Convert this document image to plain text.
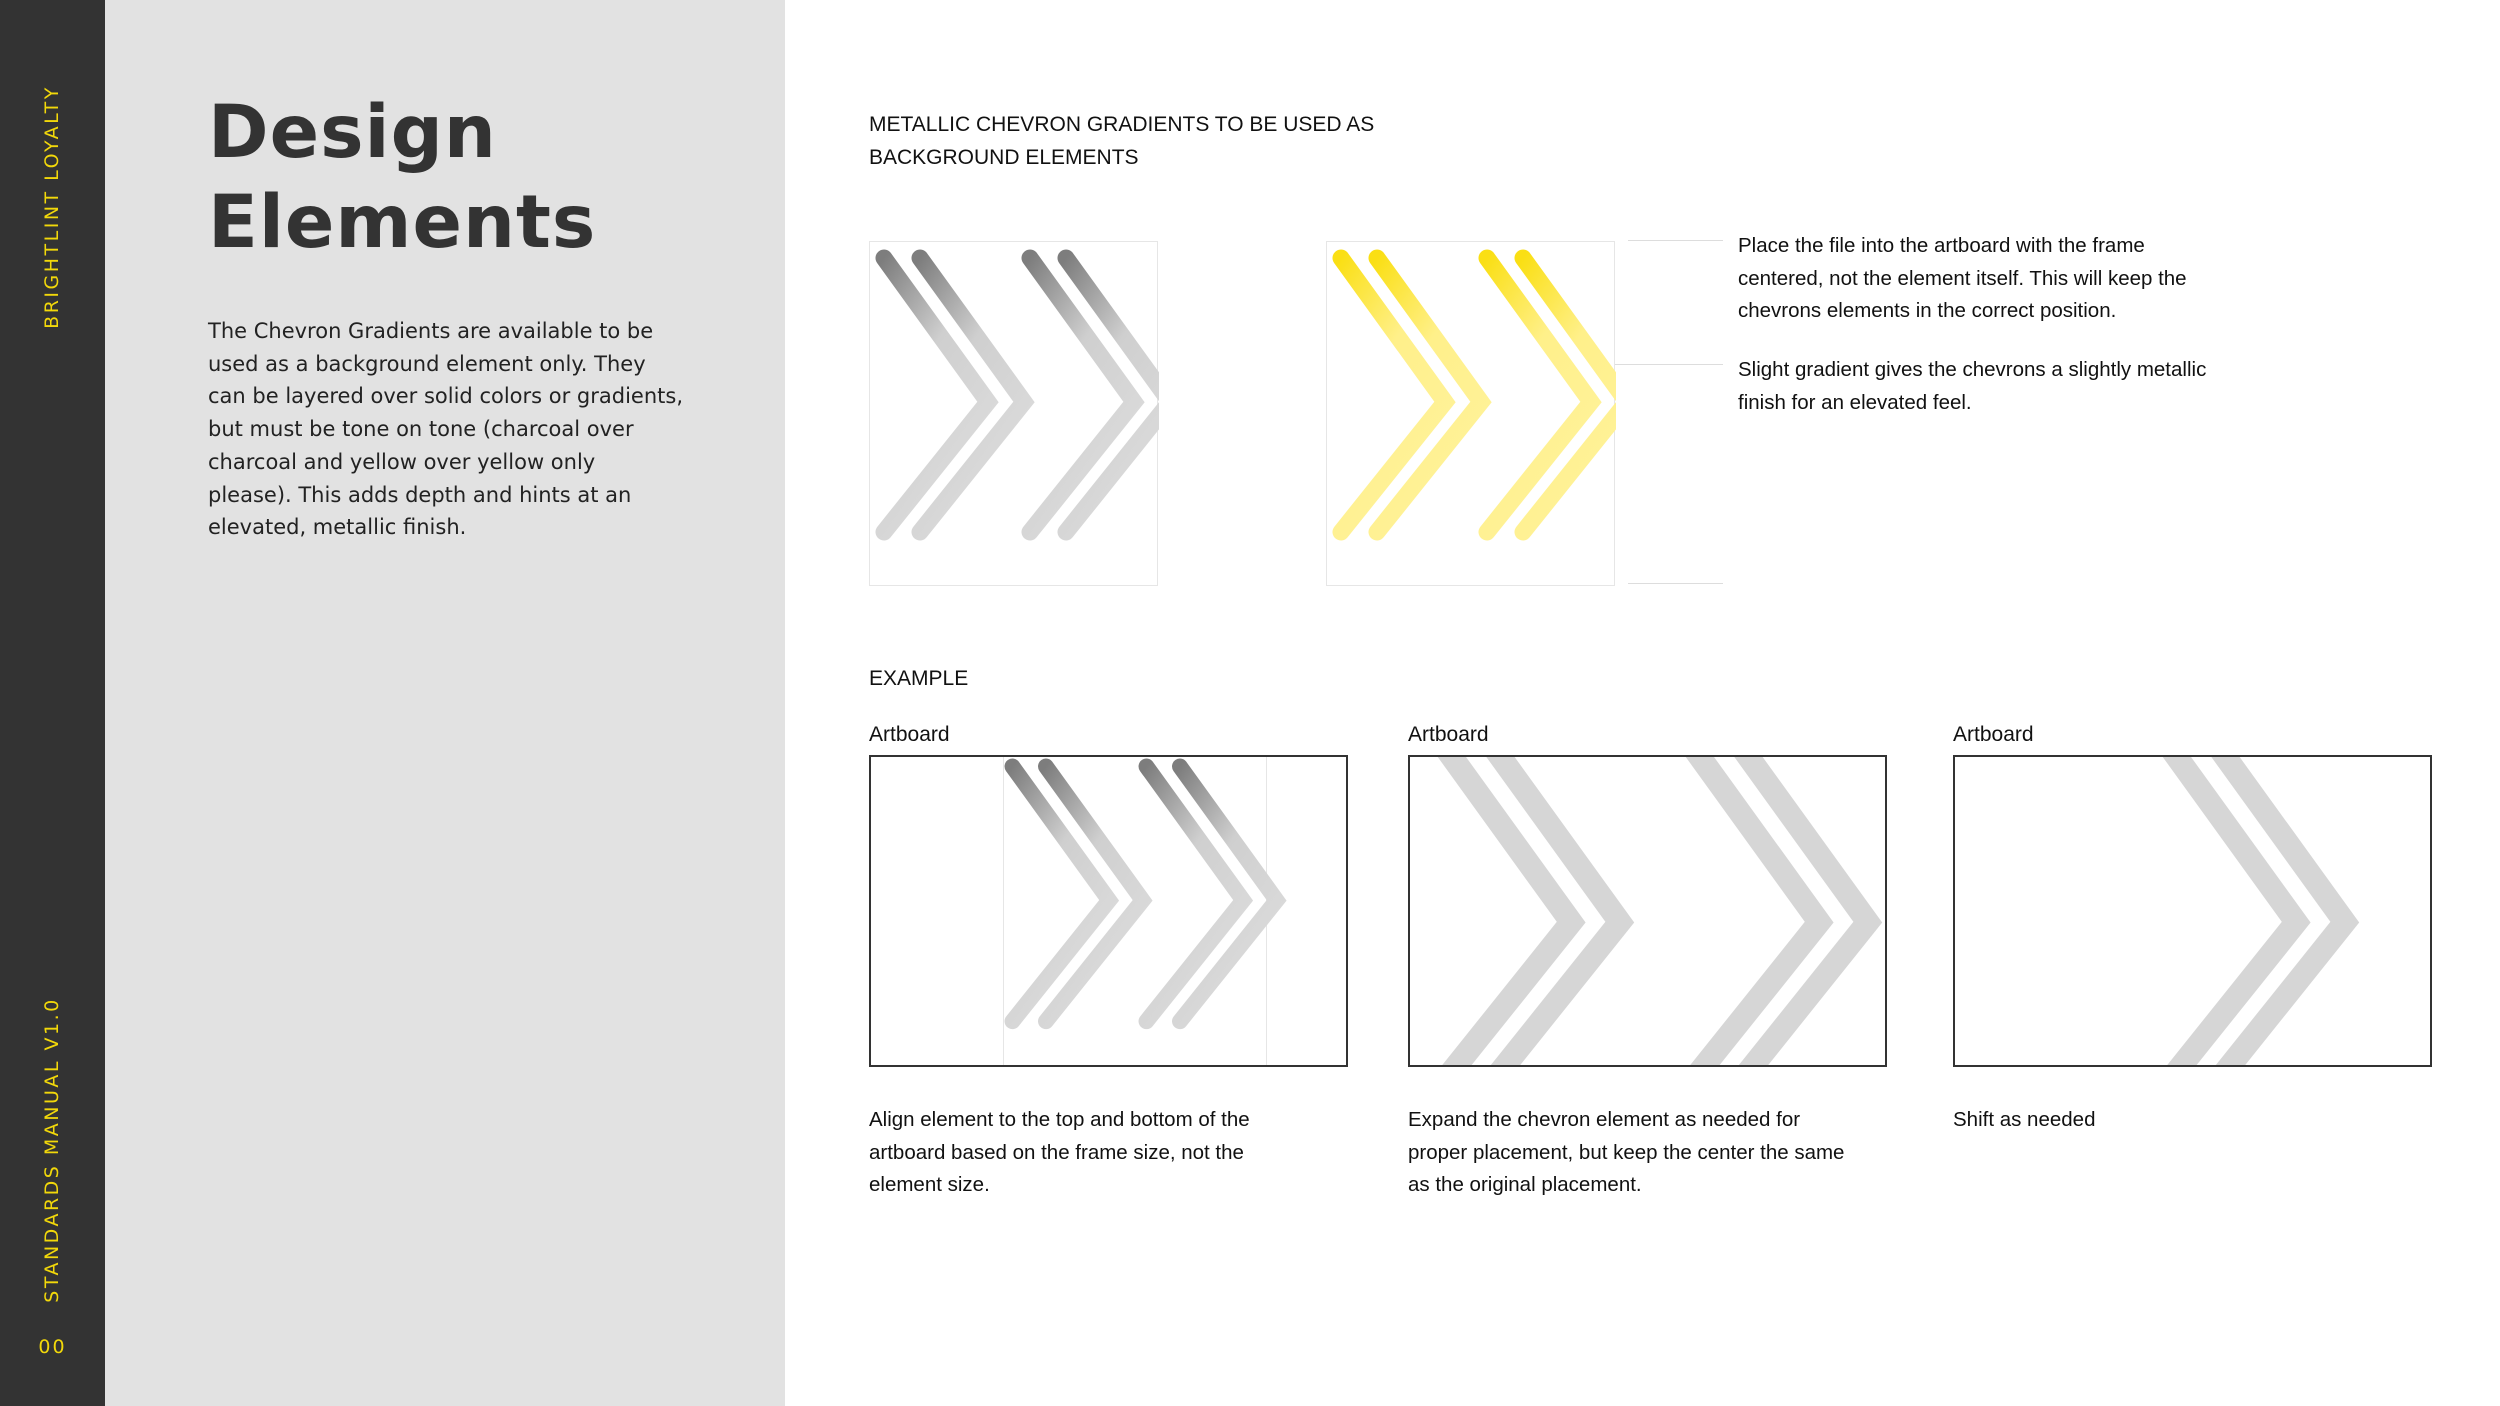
BRIGHTLINT LOYALTY
STANDARDS MANUAL V1.0
00
Design
Elements

The Chevron Gradients are available to be used as a background element only. They can be layered over solid colors or gradients, but must be tone on tone (charcoal over charcoal and yellow over yellow only please). This adds depth and hints at an elevated, metallic finish.

METALLIC CHEVRON GRADIENTS TO BE USED AS BACKGROUND ELEMENTS

Place the file into the artboard with the frame centered, not the element itself. This will keep the chevrons elements in the correct position.

Slight gradient gives the chevrons a slightly metallic finish for an elevated feel.

EXAMPLE

Artboard	Artboard	Artboard

Align element to the top and bottom of the artboard based on the frame size, not the element size.

Expand the chevron element as needed for proper placement, but keep the center the same as the original placement.

Shift as needed
